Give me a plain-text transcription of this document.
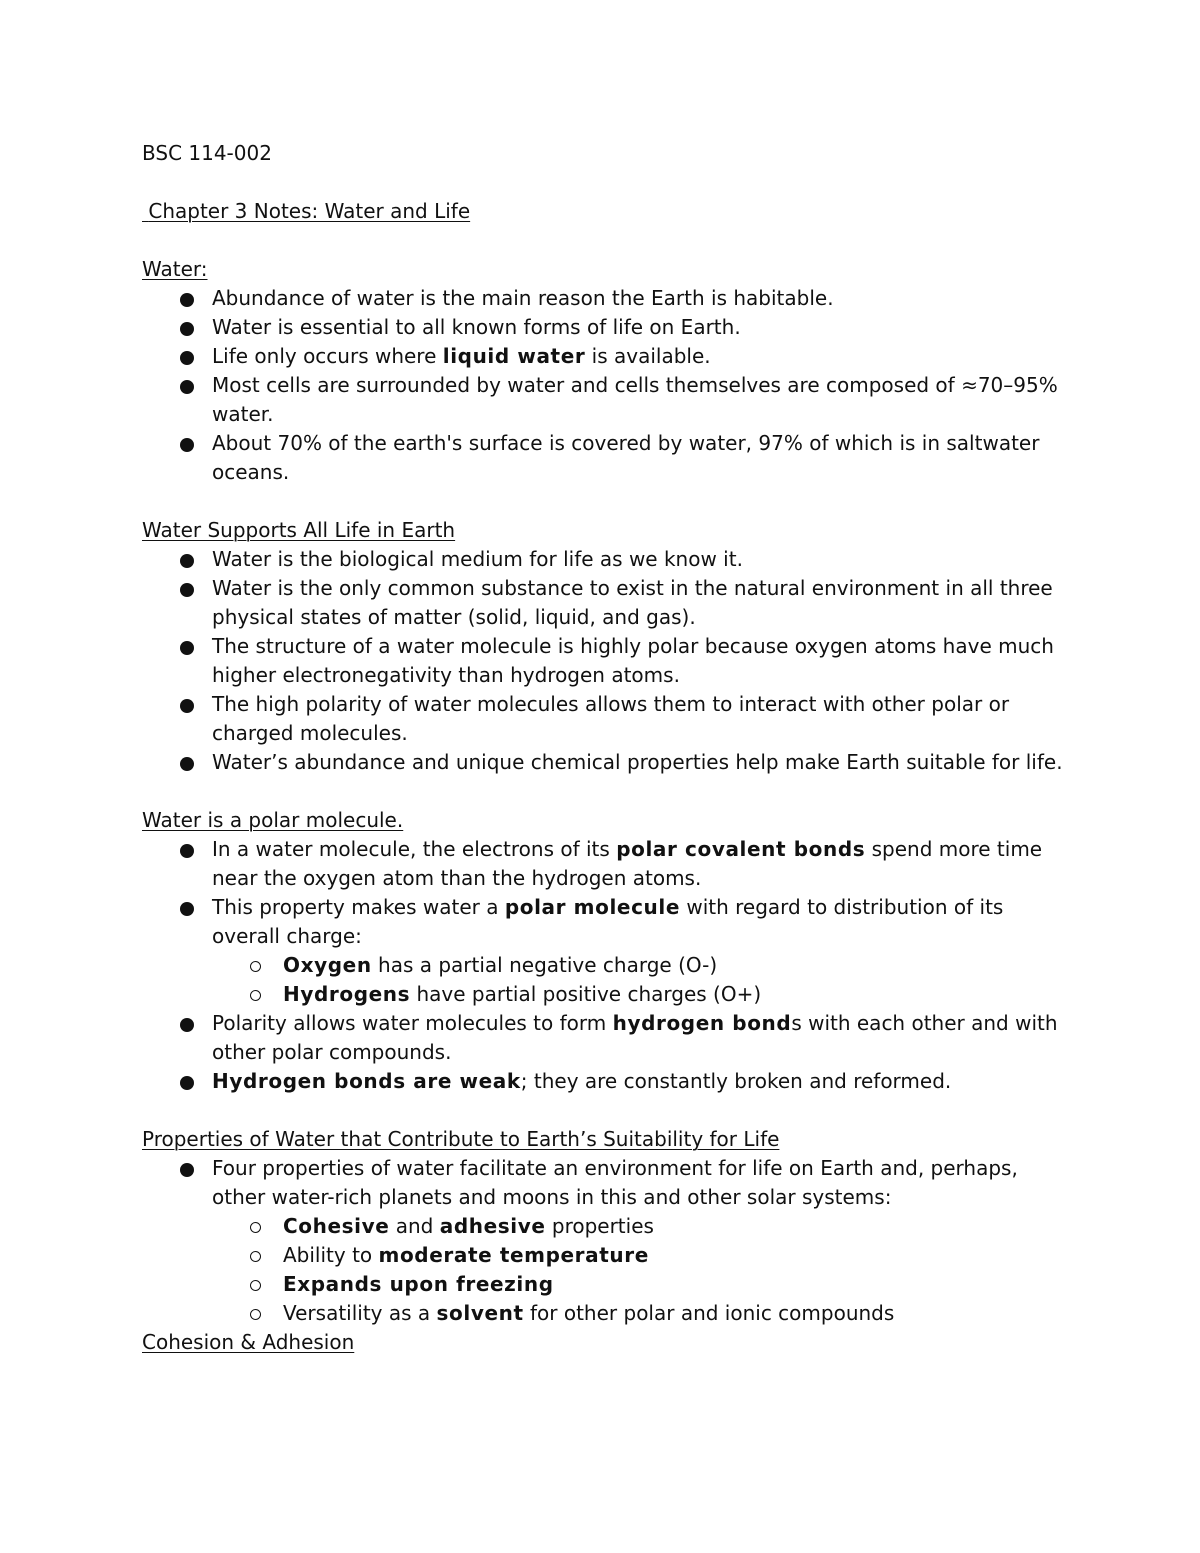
BSC 114-002

Chapter 3 Notes: Water and Life

Water:

Abundance of water is the main reason the Earth is habitable.
Water is essential to all known forms of life on Earth.
Life only occurs where liquid water is available.
Most cells are surrounded by water and cells themselves are composed of ≈70–95% water.
About 70% of the earth's surface is covered by water, 97% of which is in saltwater oceans.

Water Supports All Life in Earth

Water is the biological medium for life as we know it.
Water is the only common substance to exist in the natural environment in all three physical states of matter (solid, liquid, and gas).
The structure of a water molecule is highly polar because oxygen atoms have much higher electronegativity than hydrogen atoms.
The high polarity of water molecules allows them to interact with other polar or charged molecules.
Water’s abundance and unique chemical properties help make Earth suitable for life.

Water is a polar molecule.

In a water molecule, the electrons of its polar covalent bonds spend more time near the oxygen atom than the hydrogen atoms.
This property makes water a polar molecule with regard to distribution of its overall charge:
Oxygen has a partial negative charge (O-)
Hydrogens have partial positive charges (O+)
Polarity allows water molecules to form hydrogen bonds with each other and with other polar compounds.
Hydrogen bonds are weak; they are constantly broken and reformed.

Properties of Water that Contribute to Earth’s Suitability for Life

Four properties of water facilitate an environment for life on Earth and, perhaps, other water-rich planets and moons in this and other solar systems:
Cohesive and adhesive properties
Ability to moderate temperature
Expands upon freezing
Versatility as a solvent for other polar and ionic compounds

Cohesion & Adhesion
